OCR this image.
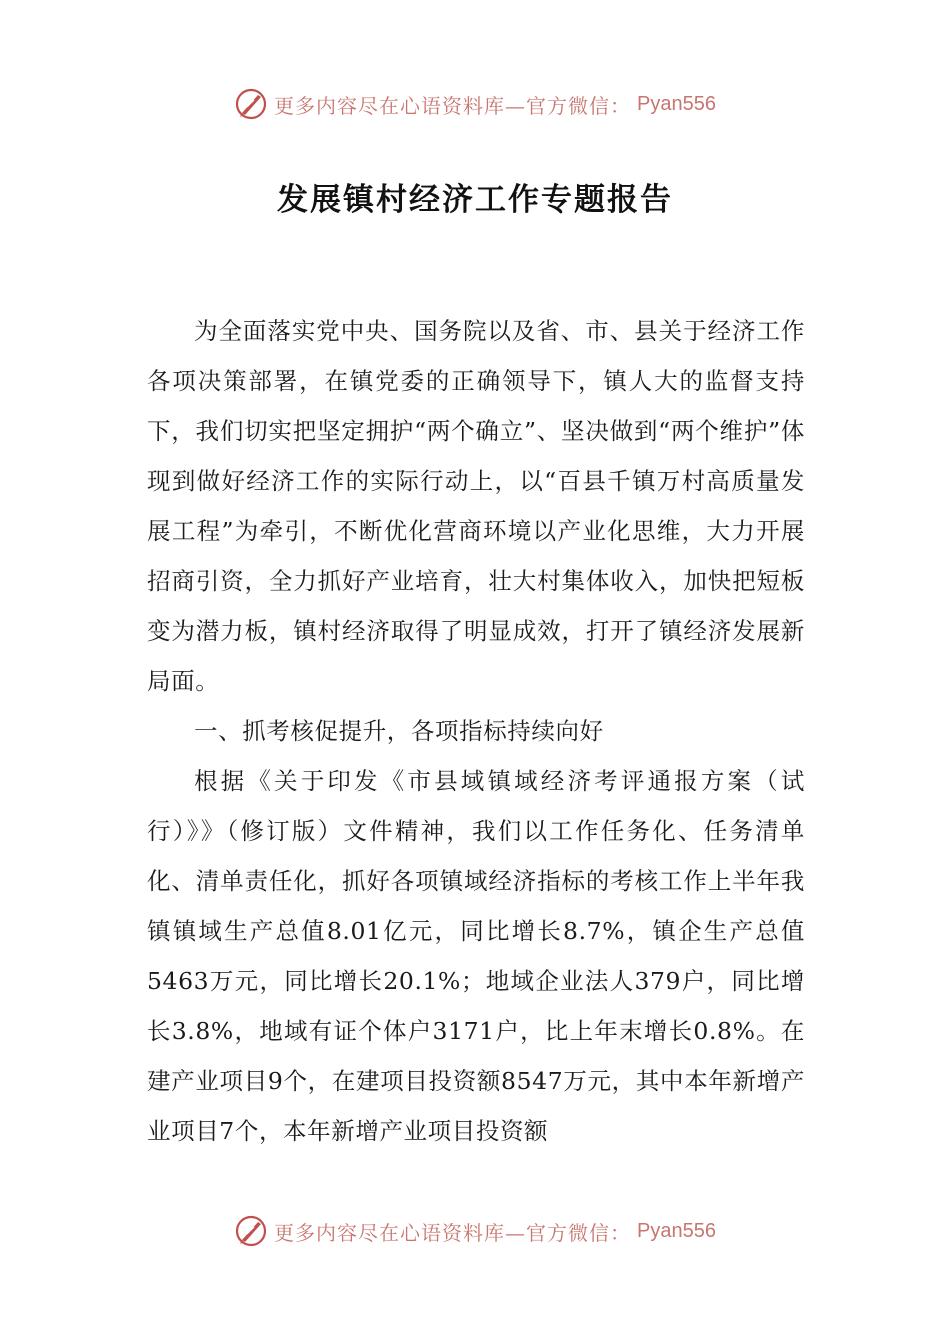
更多内容尽在心语资料库—官方微信： Pyan556
发展镇村经济工作专题报告

为全面落实党中央、国务院以及省、市、县关于经济工作各项决策部署，在镇党委的正确领导下，镇人大的监督支持下，我们切实把坚定拥护“两个确立”、坚决做到“两个维护”体现到做好经济工作的实际行动上，以“百县千镇万村高质量发展工程”为牵引，不断优化营商环境以产业化思维，大力开展招商引资，全力抓好产业培育，壮大村集体收入，加快把短板变为潜力板，镇村经济取得了明显成效，打开了镇经济发展新局面。

一、抓考核促提升，各项指标持续向好

根据《关于印发《市县域镇域经济考评通报方案（试行）》》（修订版）文件精神，我们以工作任务化、任务清单化、清单责任化，抓好各项镇域经济指标的考核工作上半年我镇镇域生产总值8.01亿元，同比增长8.7%，镇企生产总值5463万元，同比增长20.1%；地域企业法人379户，同比增长3.8%，地域有证个体户3171户，比上年末增长0.8%。在建产业项目9个，在建项目投资额8547万元，其中本年新增产业项目7个，本年新增产业项目投资额

更多内容尽在心语资料库—官方微信： Pyan556
